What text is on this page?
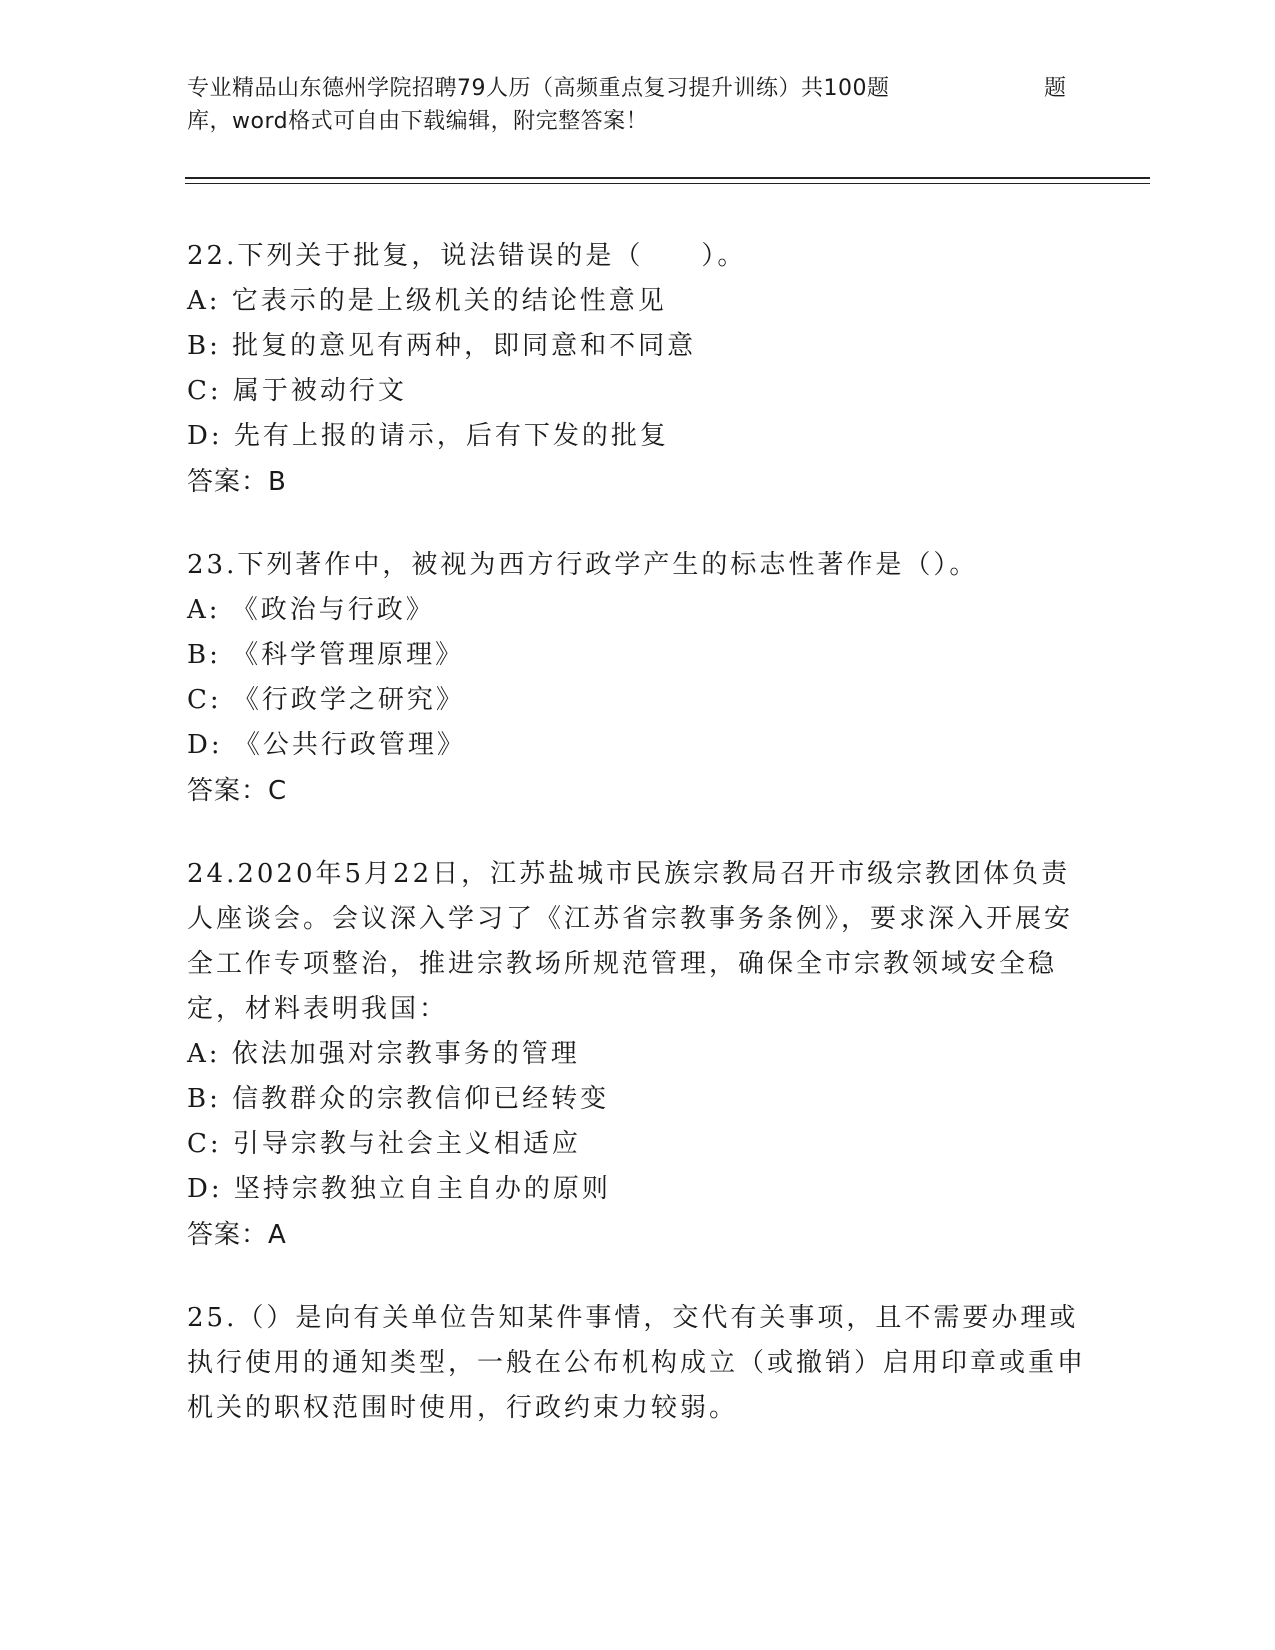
专业精品山东德州学院招聘79人历（高频重点复习提升训练）共100题	题
库，word格式可自由下载编辑，附完整答案！
22.下列关于批复，说法错误的是（　　）。
A: 它表示的是上级机关的结论性意见
B: 批复的意见有两种，即同意和不同意
C: 属于被动行文
D: 先有上报的请示，后有下发的批复
答案：B
23.下列著作中，被视为西方行政学产生的标志性著作是（）。
A: 《政治与行政》
B: 《科学管理原理》
C: 《行政学之研究》
D: 《公共行政管理》
答案：C
24.2020年5月22日，江苏盐城市民族宗教局召开市级宗教团体负责人座谈会。会议深入学习了《江苏省宗教事务条例》，要求深入开展安全工作专项整治，推进宗教场所规范管理，确保全市宗教领域安全稳定，材料表明我国：
A: 依法加强对宗教事务的管理
B: 信教群众的宗教信仰已经转变
C: 引导宗教与社会主义相适应
D: 坚持宗教独立自主自办的原则
答案：A
25.（）是向有关单位告知某件事情，交代有关事项，且不需要办理或执行使用的通知类型，一般在公布机构成立（或撤销）启用印章或重申机关的职权范围时使用，行政约束力较弱。
